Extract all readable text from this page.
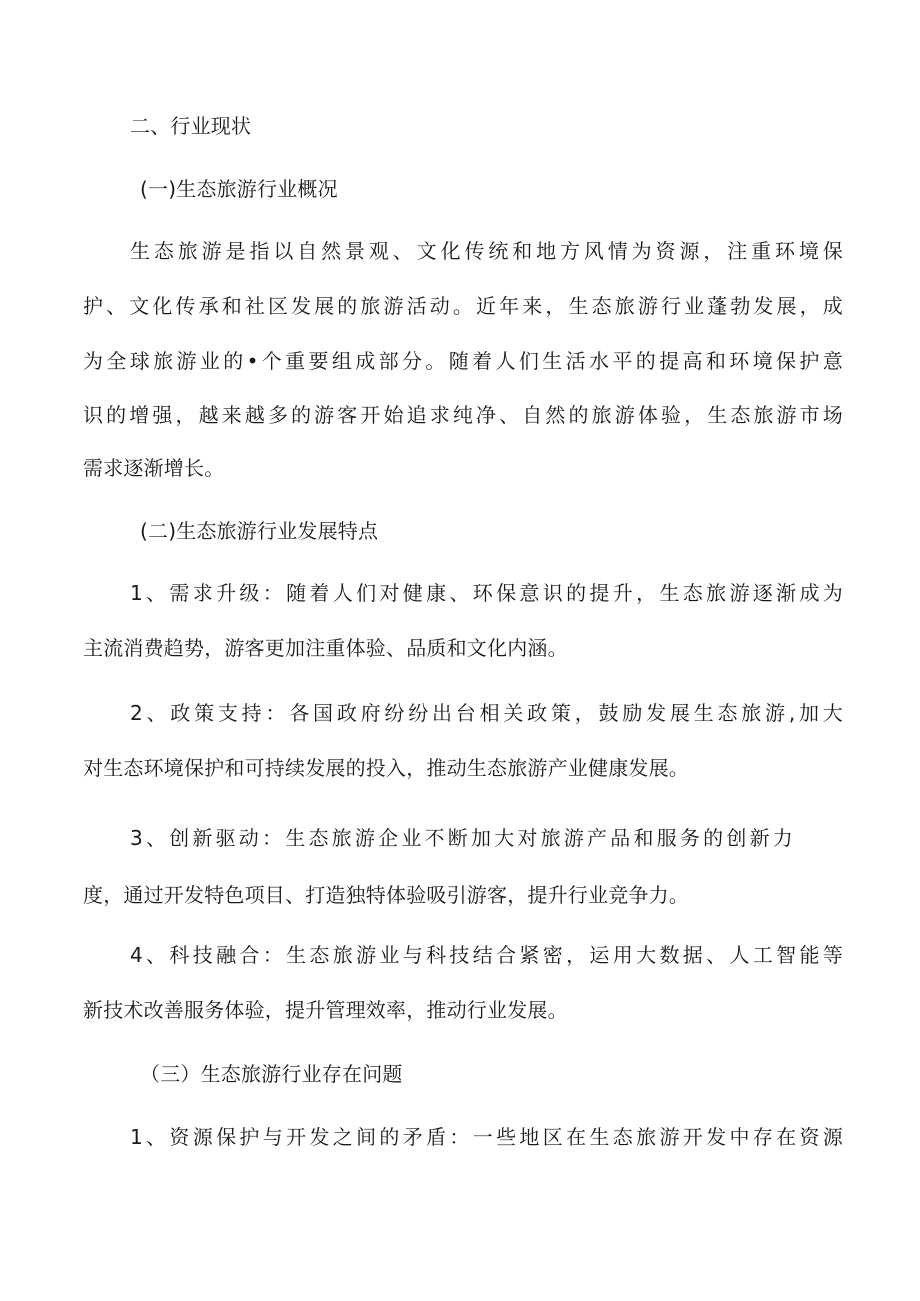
二、行业现状
(一)生态旅游行业概况
生态旅游是指以自然景观、文化传统和地方风情为资源，注重环境保
护、文化传承和社区发展的旅游活动。近年来，生态旅游行业蓬勃发展，成
为全球旅游业的•个重要组成部分。随着人们生活水平的提高和环境保护意
识的增强，越来越多的游客开始追求纯净、自然的旅游体验，生态旅游市场
需求逐渐增长。
(二)生态旅游行业发展特点
1、需求升级：随着人们对健康、环保意识的提升，生态旅游逐渐成为
主流消费趋势，游客更加注重体验、品质和文化内涵。
2、政策支持：各国政府纷纷出台相关政策，鼓励发展生态旅游,加大
对生态环境保护和可持续发展的投入，推动生态旅游产业健康发展。
3、创新驱动：生态旅游企业不断加大对旅游产品和服务的创新力
度，通过开发特色项目、打造独特体验吸引游客，提升行业竞争力。
4、科技融合：生态旅游业与科技结合紧密，运用大数据、人工智能等
新技术改善服务体验，提升管理效率，推动行业发展。
（三）生态旅游行业存在问题
1、资源保护与开发之间的矛盾：一些地区在生态旅游开发中存在资源
